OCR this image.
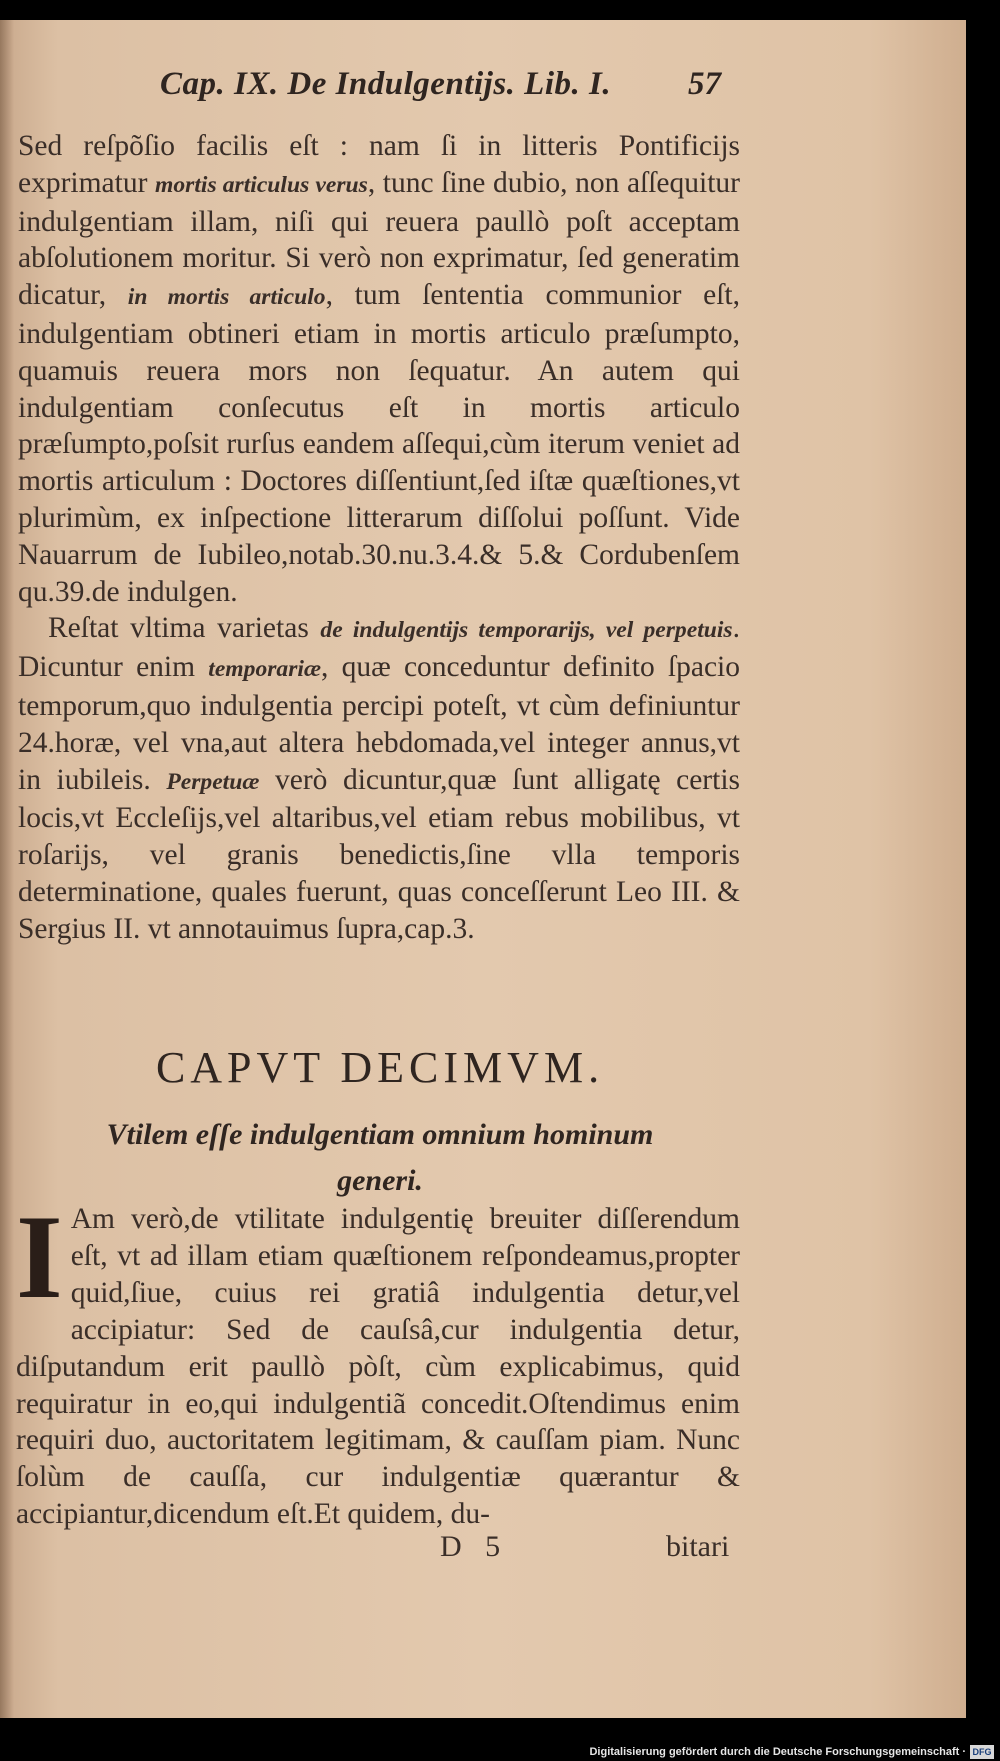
Cap. IX. De Indulgentijs. Lib. I. 57

Sed reſpõſio facilis eſt : nam ſi in litteris Pontificijs exprimatur mortis articulus verus, tunc ſine dubio, non aſſequitur indulgentiam illam, niſi qui reuera paullò poſt acceptam abſolutionem moritur. Si verò non exprimatur, ſed generatim dicatur, in mortis articulo, tum ſententia communior eſt, indulgentiam obtineri etiam in mortis articulo præſumpto, quamuis reuera mors non ſequatur. An autem qui indulgentiam conſecutus eſt in mortis articulo præſumpto,poſsit rurſus eandem aſſequi,cùm iterum veniet ad mortis articulum : Doctores diſſentiunt,ſed iſtæ quæſtiones,vt plurimùm, ex inſpectione litterarum diſſolui poſſunt. Vide Nauarrum de Iubileo,notab.30.nu.3.4.& 5.& Cordubenſem qu.39.de indulgen.

Reſtat vltima varietas de indulgentijs temporarijs, vel perpetuis. Dicuntur enim temporariæ, quæ conceduntur definito ſpacio temporum,quo indulgentia percipi poteſt, vt cùm definiuntur 24.horæ, vel vna,aut altera hebdomada,vel integer annus,vt in iubileis. Perpetuæ verò dicuntur,quæ ſunt alligatę certis locis,vt Eccleſijs,vel altaribus,vel etiam rebus mobilibus, vt roſarijs, vel granis benedictis,ſine vlla temporis determinatione, quales fuerunt, quas conceſſerunt Leo III. & Sergius II. vt annotauimus ſupra,cap.3.

CAPVT DECIMVM.
Vtilem eſſe indulgentiam omnium hominum generi.
I Am verò,de vtilitate indulgentię breuiter diſſerendum eſt, vt ad illam etiam quæſtionem reſpondeamus,propter quid,ſiue, cuius rei gratiâ indulgentia detur,vel accipiatur: Sed de cauſsâ,cur indulgentia detur, diſputandum erit paullò pòſt, cùm explicabimus, quid requiratur in eo,qui indulgentiã concedit.Oſtendimus enim requiri duo, auctoritatem legitimam, & cauſſam piam. Nunc ſolùm de cauſſa, cur indulgentiæ quærantur & accipiantur,dicendum eſt.Et quidem, du-
D 5	bitari
Digitalisierung gefördert durch die Deutsche Forschungsgemeinschaft · DFG
